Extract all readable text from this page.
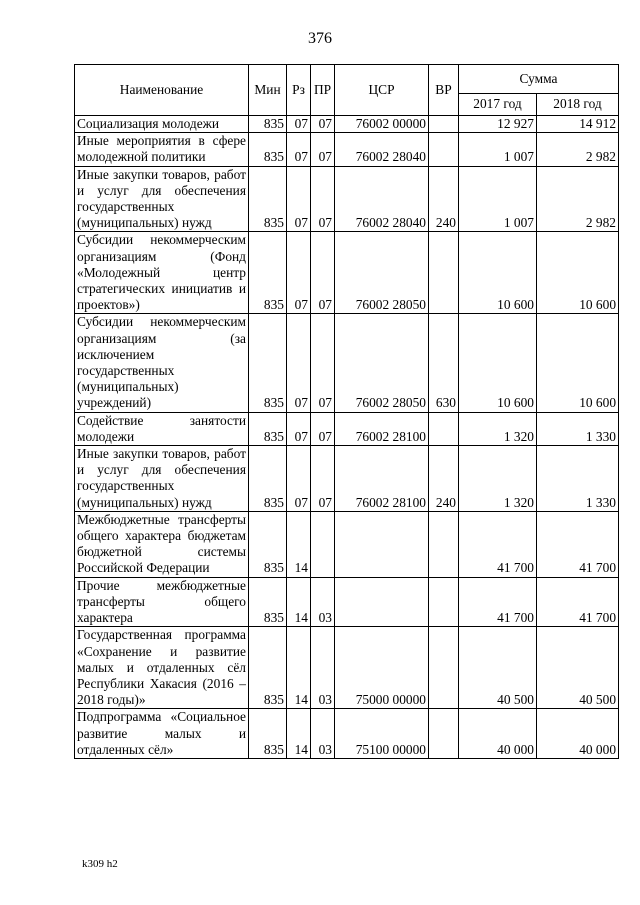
376
Наименование	Мин	Рз	ПР	ЦСР	ВР	Сумма	
						2017 год	2018 год
Социализация молодежи	835	07	07	76002 00000		12 927	14 912
Иные мероприятия в сфере молодежной политики	835	07	07	76002 28040		1 007	2 982
Иные закупки товаров, работ и услуг для обеспечения государственных (муниципальных) нужд	835	07	07	76002 28040	240	1 007	2 982
Субсидии некоммерческим организациям (Фонд «Молодежный центр стратегических инициатив и проектов»)	835	07	07	76002 28050		10 600	10 600
Субсидии некоммерческим организациям (за исключением государственных (муниципальных) учреждений)	835	07	07	76002 28050	630	10 600	10 600
Содействие занятости молодежи	835	07	07	76002 28100		1 320	1 330
Иные закупки товаров, работ и услуг для обеспечения государственных (муниципальных) нужд	835	07	07	76002 28100	240	1 320	1 330
Межбюджетные трансферты общего характера бюджетам бюджетной системы Российской Федерации	835	14				41 700	41 700
Прочие межбюджетные трансферты общего характера	835	14	03			41 700	41 700
Государственная программа «Сохранение и развитие малых и отдаленных сёл Республики Хакасия (2016 – 2018 годы)»	835	14	03	75000 00000		40 500	40 500
Подпрограмма «Социальное развитие малых и отдаленных сёл»	835	14	03	75100 00000		40 000	40 000
k309 h2
